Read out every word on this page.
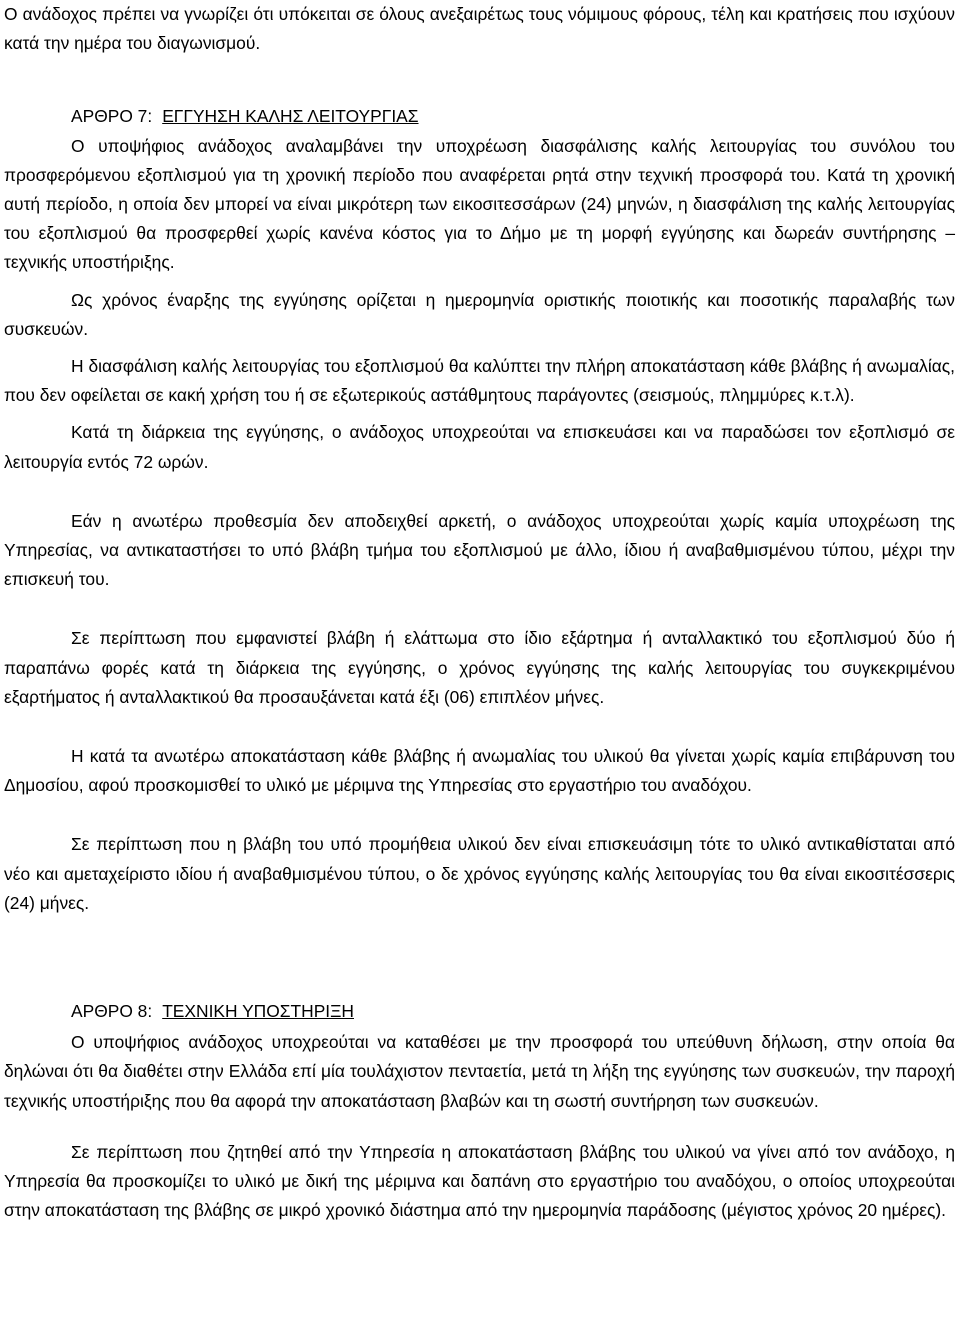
Ο ανάδοχος πρέπει να γνωρίζει ότι υπόκειται σε όλους ανεξαιρέτως τους νόμιμους φόρους, τέλη και κρατήσεις που ισχύουν κατά την ημέρα του διαγωνισμού.

ΑΡΘΡΟ 7: ΕΓΓΥΗΣΗ ΚΑΛΗΣ ΛΕΙΤΟΥΡΓΙΑΣ

Ο υποψήφιος ανάδοχος αναλαμβάνει την υποχρέωση διασφάλισης καλής λειτουργίας του συνόλου του προσφερόμενου εξοπλισμού για τη χρονική περίοδο που αναφέρεται ρητά στην τεχνική προσφορά του. Κατά τη χρονική αυτή περίοδο, η οποία δεν μπορεί να είναι μικρότερη των εικοσιτεσσάρων (24) μηνών, η διασφάλιση της καλής λειτουργίας του εξοπλισμού θα προσφερθεί χωρίς κανένα κόστος για το Δήμο με τη μορφή εγγύησης και δωρεάν συντήρησης – τεχνικής υποστήριξης.

Ως χρόνος έναρξης της εγγύησης ορίζεται η ημερομηνία οριστικής ποιοτικής και ποσοτικής παραλαβής των συσκευών.

Η διασφάλιση καλής λειτουργίας του εξοπλισμού θα καλύπτει την πλήρη αποκατάσταση κάθε βλάβης ή ανωμαλίας, που δεν οφείλεται σε κακή χρήση του ή σε εξωτερικούς αστάθμητους παράγοντες (σεισμούς, πλημμύρες κ.τ.λ).

Κατά τη διάρκεια της εγγύησης, ο ανάδοχος υποχρεούται να επισκευάσει και να παραδώσει τον εξοπλισμό σε λειτουργία εντός 72 ωρών.

Εάν η ανωτέρω προθεσμία δεν αποδειχθεί αρκετή, ο ανάδοχος υποχρεούται χωρίς καμία υποχρέωση της Υπηρεσίας, να αντικαταστήσει το υπό βλάβη τμήμα του εξοπλισμού με άλλο, ίδιου ή αναβαθμισμένου τύπου, μέχρι την επισκευή του.

Σε περίπτωση που εμφανιστεί βλάβη ή ελάττωμα στο ίδιο εξάρτημα ή ανταλλακτικό του εξοπλισμού δύο ή παραπάνω φορές κατά τη διάρκεια της εγγύησης, ο χρόνος εγγύησης της καλής λειτουργίας του συγκεκριμένου εξαρτήματος ή ανταλλακτικού θα προσαυξάνεται κατά έξι (06) επιπλέον μήνες.

Η κατά τα ανωτέρω αποκατάσταση κάθε βλάβης ή ανωμαλίας του υλικού θα γίνεται χωρίς καμία επιβάρυνση του Δημοσίου, αφού προσκομισθεί το υλικό με μέριμνα της Υπηρεσίας στο εργαστήριο του αναδόχου.

Σε περίπτωση που η βλάβη του υπό προμήθεια υλικού δεν είναι επισκευάσιμη τότε το υλικό αντικαθίσταται από νέο και αμεταχείριστο ιδίου ή αναβαθμισμένου τύπου, ο δε χρόνος εγγύησης καλής λειτουργίας του θα είναι εικοσιτέσσερις (24) μήνες.

ΑΡΘΡΟ 8: ΤΕΧΝΙΚΗ ΥΠΟΣΤΗΡΙΞΗ

Ο υποψήφιος ανάδοχος υποχρεούται να καταθέσει με την προσφορά του υπεύθυνη δήλωση, στην οποία θα δηλώναι ότι θα διαθέτει στην Ελλάδα επί μία τουλάχιστον πενταετία, μετά τη λήξη της εγγύησης των συσκευών, την παροχή τεχνικής υποστήριξης που θα αφορά την αποκατάσταση βλαβών και τη σωστή συντήρηση των συσκευών.

Σε περίπτωση που ζητηθεί από την Υπηρεσία η αποκατάσταση βλάβης του υλικού να γίνει από τον ανάδοχο, η Υπηρεσία θα προσκομίζει το υλικό με δική της μέριμνα και δαπάνη στο εργαστήριο του αναδόχου, ο οποίος υποχρεούται στην αποκατάσταση της βλάβης σε μικρό χρονικό διάστημα από την ημερομηνία παράδοσης (μέγιστος χρόνος 20 ημέρες).
